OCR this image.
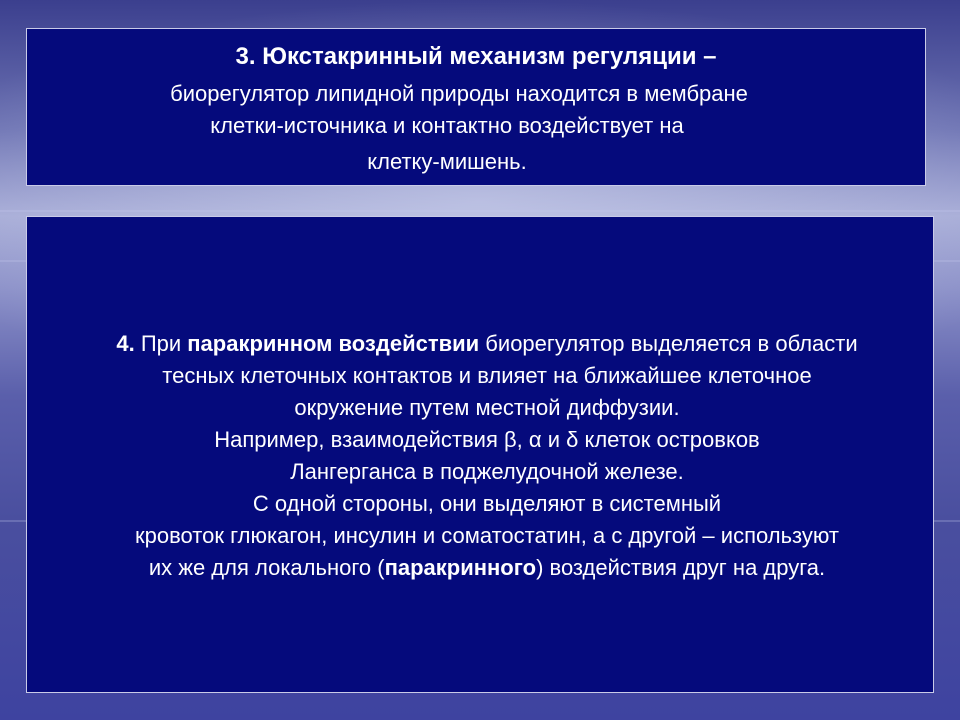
3. Юкстакринный механизм регуляции –
биорегулятор липидной природы находится в мембране
клетки-источника и контактно воздействует на
клетку-мишень.
4. При паракринном воздействии биорегулятор выделяется в области
тесных клеточных контактов и влияет на ближайшее клеточное
окружение путем местной диффузии.
Например, взаимодействия β, α и δ клеток островков
Лангерганса в поджелудочной железе.
С одной стороны, они выделяют в системный
кровоток глюкагон, инсулин и соматостатин, а с другой – используют
их же для локального (паракринного) воздействия друг на друга.
